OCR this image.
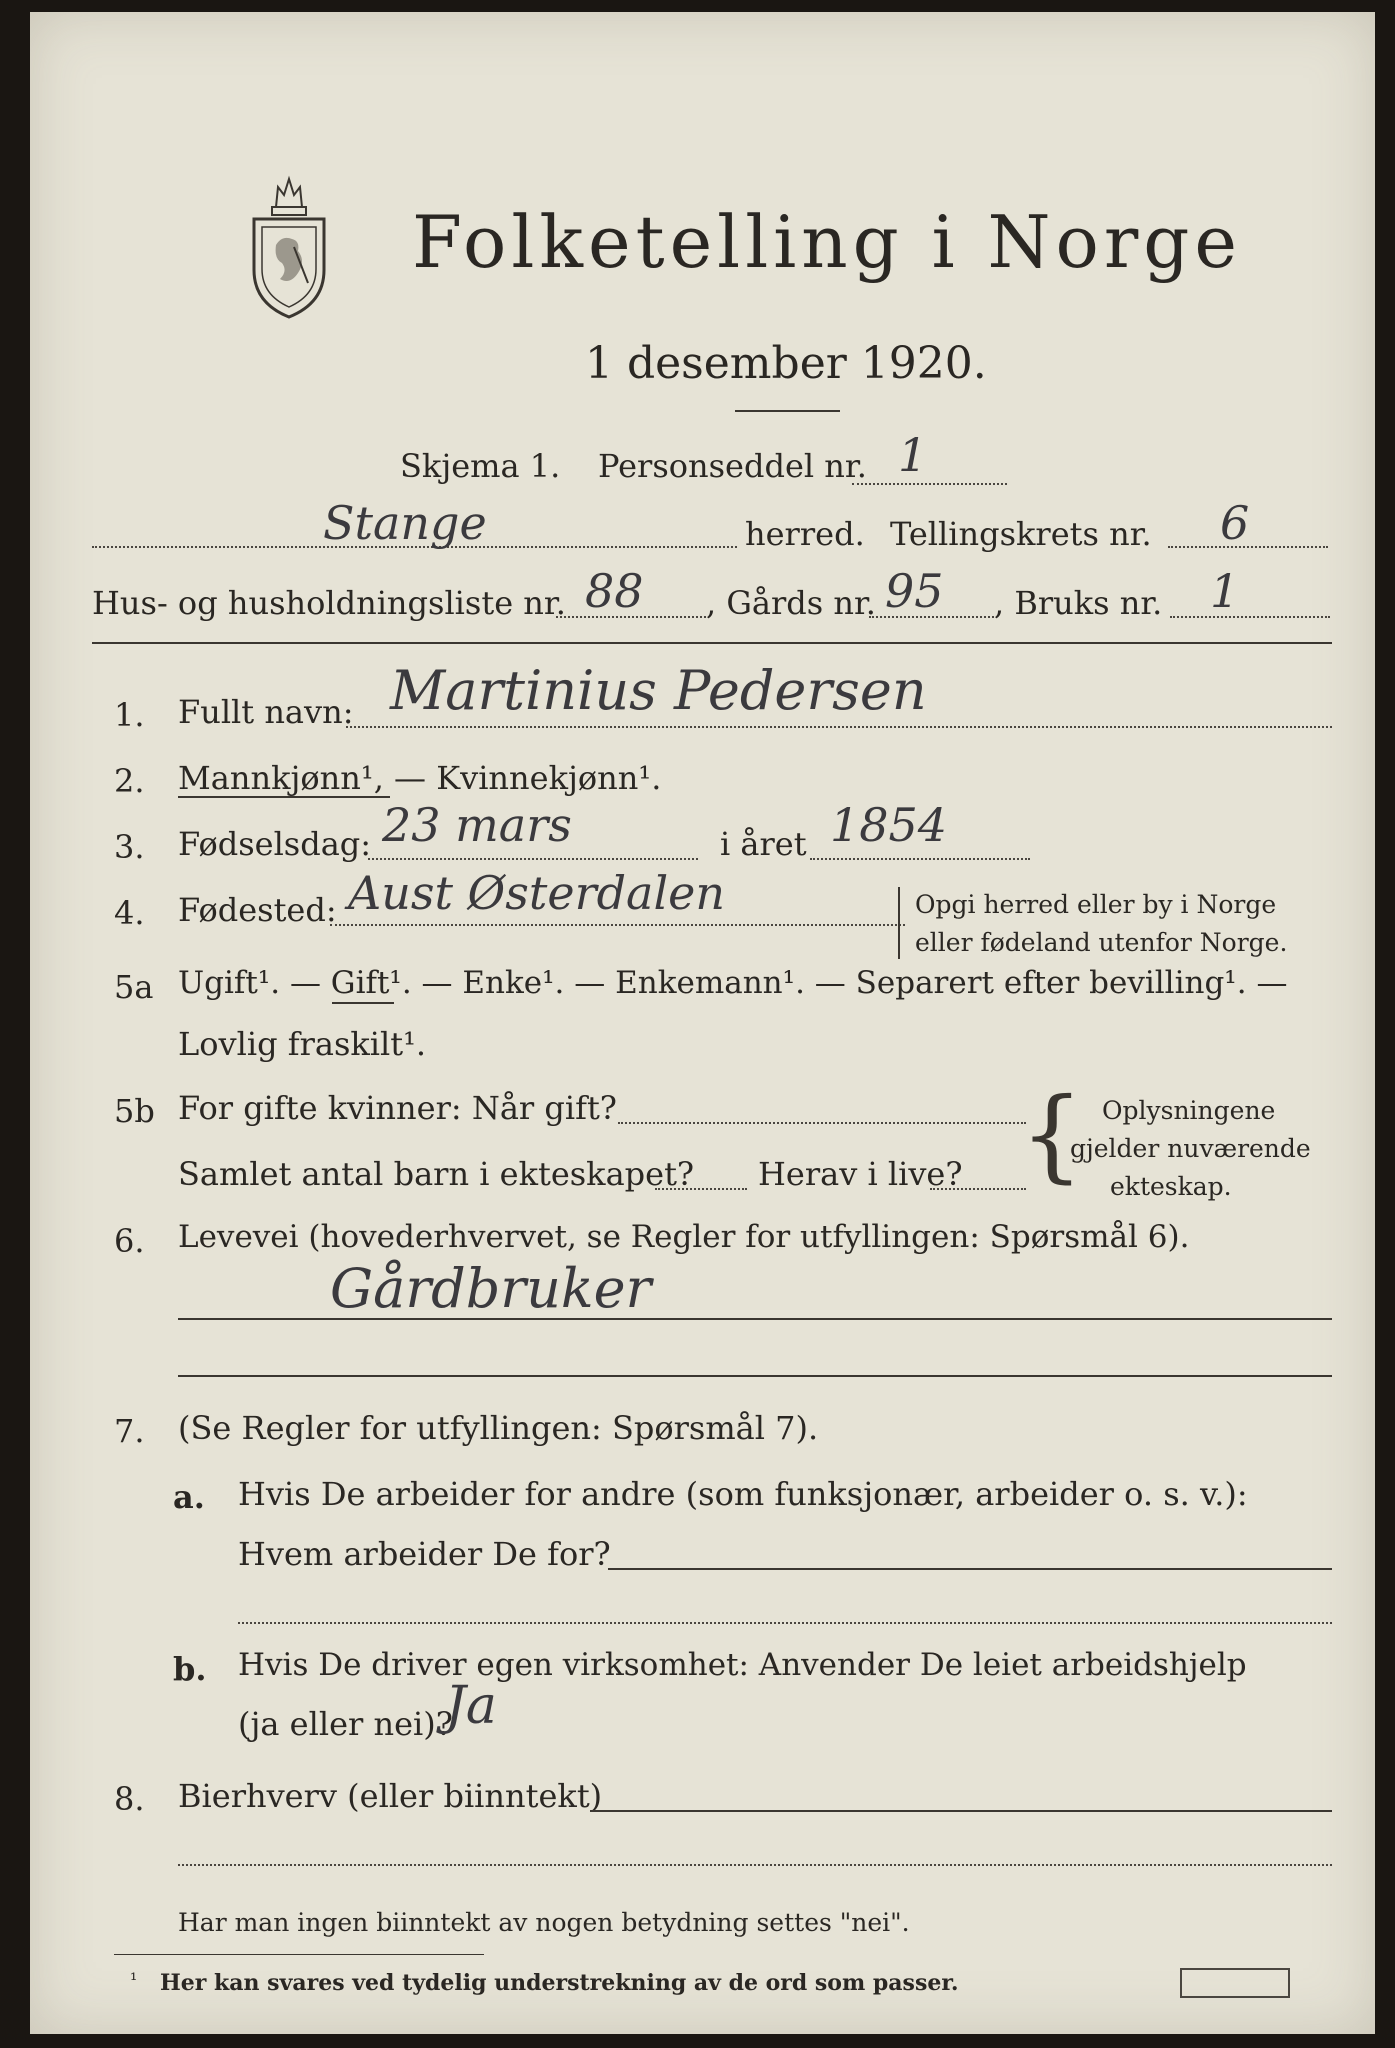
Folketelling i Norge
1 desember 1920.
Skjema 1. Personseddel nr. 1
Stange	herred. Tellingskrets nr. 6
Hus- og husholdningsliste nr. 88 , Gårds nr. 95 , Bruks nr. 1
1. Fullt navn: Martinius Pedersen
2. Mannkjønn¹, — Kvinnekjønn¹.
3. Fødselsdag: 23 mars	i året 1854
4. Fødested: Aust Østerdalen	Opgi herred eller by i Norge
eller fødeland utenfor Norge.
5a Ugift¹. — Gift¹. — Enke¹. — Enkemann¹. — Separert efter bevilling¹. —
Lovlig fraskilt¹.
5b For gifte kvinner: Når gift?
Samlet antal barn i ekteskapet? Herav i live? { Oplysningene
gjelder nuværende
ekteskap.
6. Levevei (hovederhvervet, se Regler for utfyllingen: Spørsmål 6).
Gårdbruker
7. (Se Regler for utfyllingen: Spørsmål 7).
a. Hvis De arbeider for andre (som funksjonær, arbeider o. s. v.):
Hvem arbeider De for?
b. Hvis De driver egen virksomhet: Anvender De leiet arbeidshjelp
(ja eller nei)?
Ja
8. Bierhverv (eller biinntekt)
Har man ingen biinntekt av nogen betydning settes "nei".
¹ Her kan svares ved tydelig understrekning av de ord som passer.
